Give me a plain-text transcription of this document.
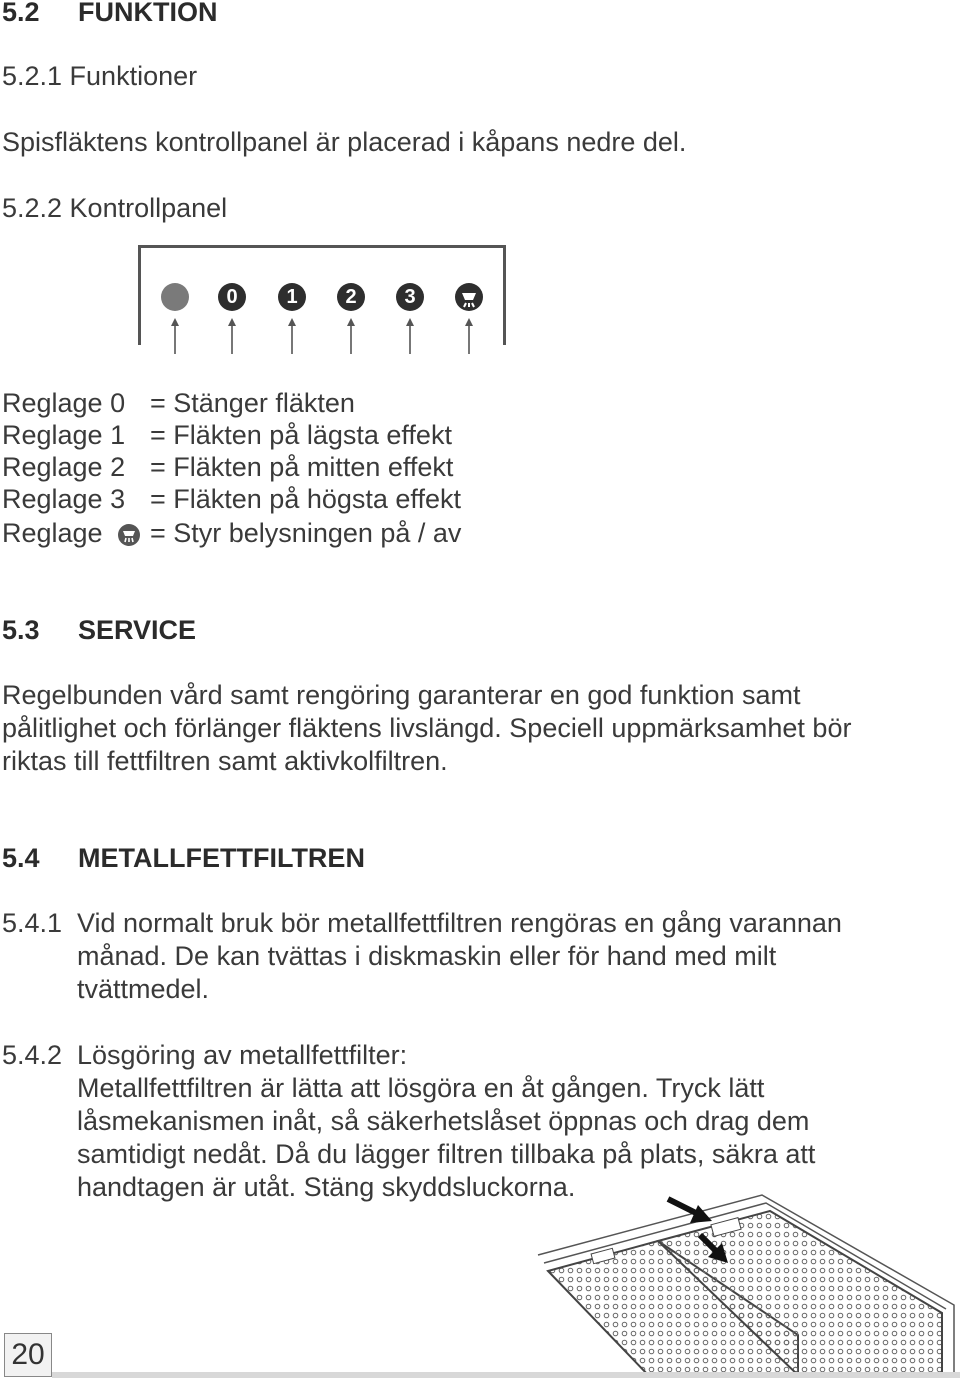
5.2 FUNKTION
5.2.1 Funktioner
Spisfläktens kontrollpanel är placerad i kåpans nedre del.
5.2.2 Kontrollpanel
0	1	2	3
Reglage 0 = Stänger fläkten
Reglage 1 = Fläkten på lägsta effekt
Reglage 2 = Fläkten på mitten effekt
Reglage 3 = Fläkten på högsta effekt
Reglage = Styr belysningen på / av
5.3 SERVICE
Regelbunden vård samt rengöring garanterar en god funktion samt
pålitlighet och förlänger fläktens livslängd. Speciell uppmärksamhet bör
riktas till fettfiltren samt aktivkolfiltren.
5.4 METALLFETTFILTREN
5.4.1 Vid normalt bruk bör metallfettfiltren rengöras en gång varannan
månad. De kan tvättas i diskmaskin eller för hand med milt
tvättmedel.
5.4.2 Lösgöring av metallfettfilter:
Metallfettfiltren är lätta att lösgöra en åt gången. Tryck lätt
låsmekanismen inåt, så säkerhetslåset öppnas och drag dem
samtidigt nedåt. Då du lägger filtren tillbaka på plats, säkra att
handtagen är utåt. Stäng skyddsluckorna.
20
